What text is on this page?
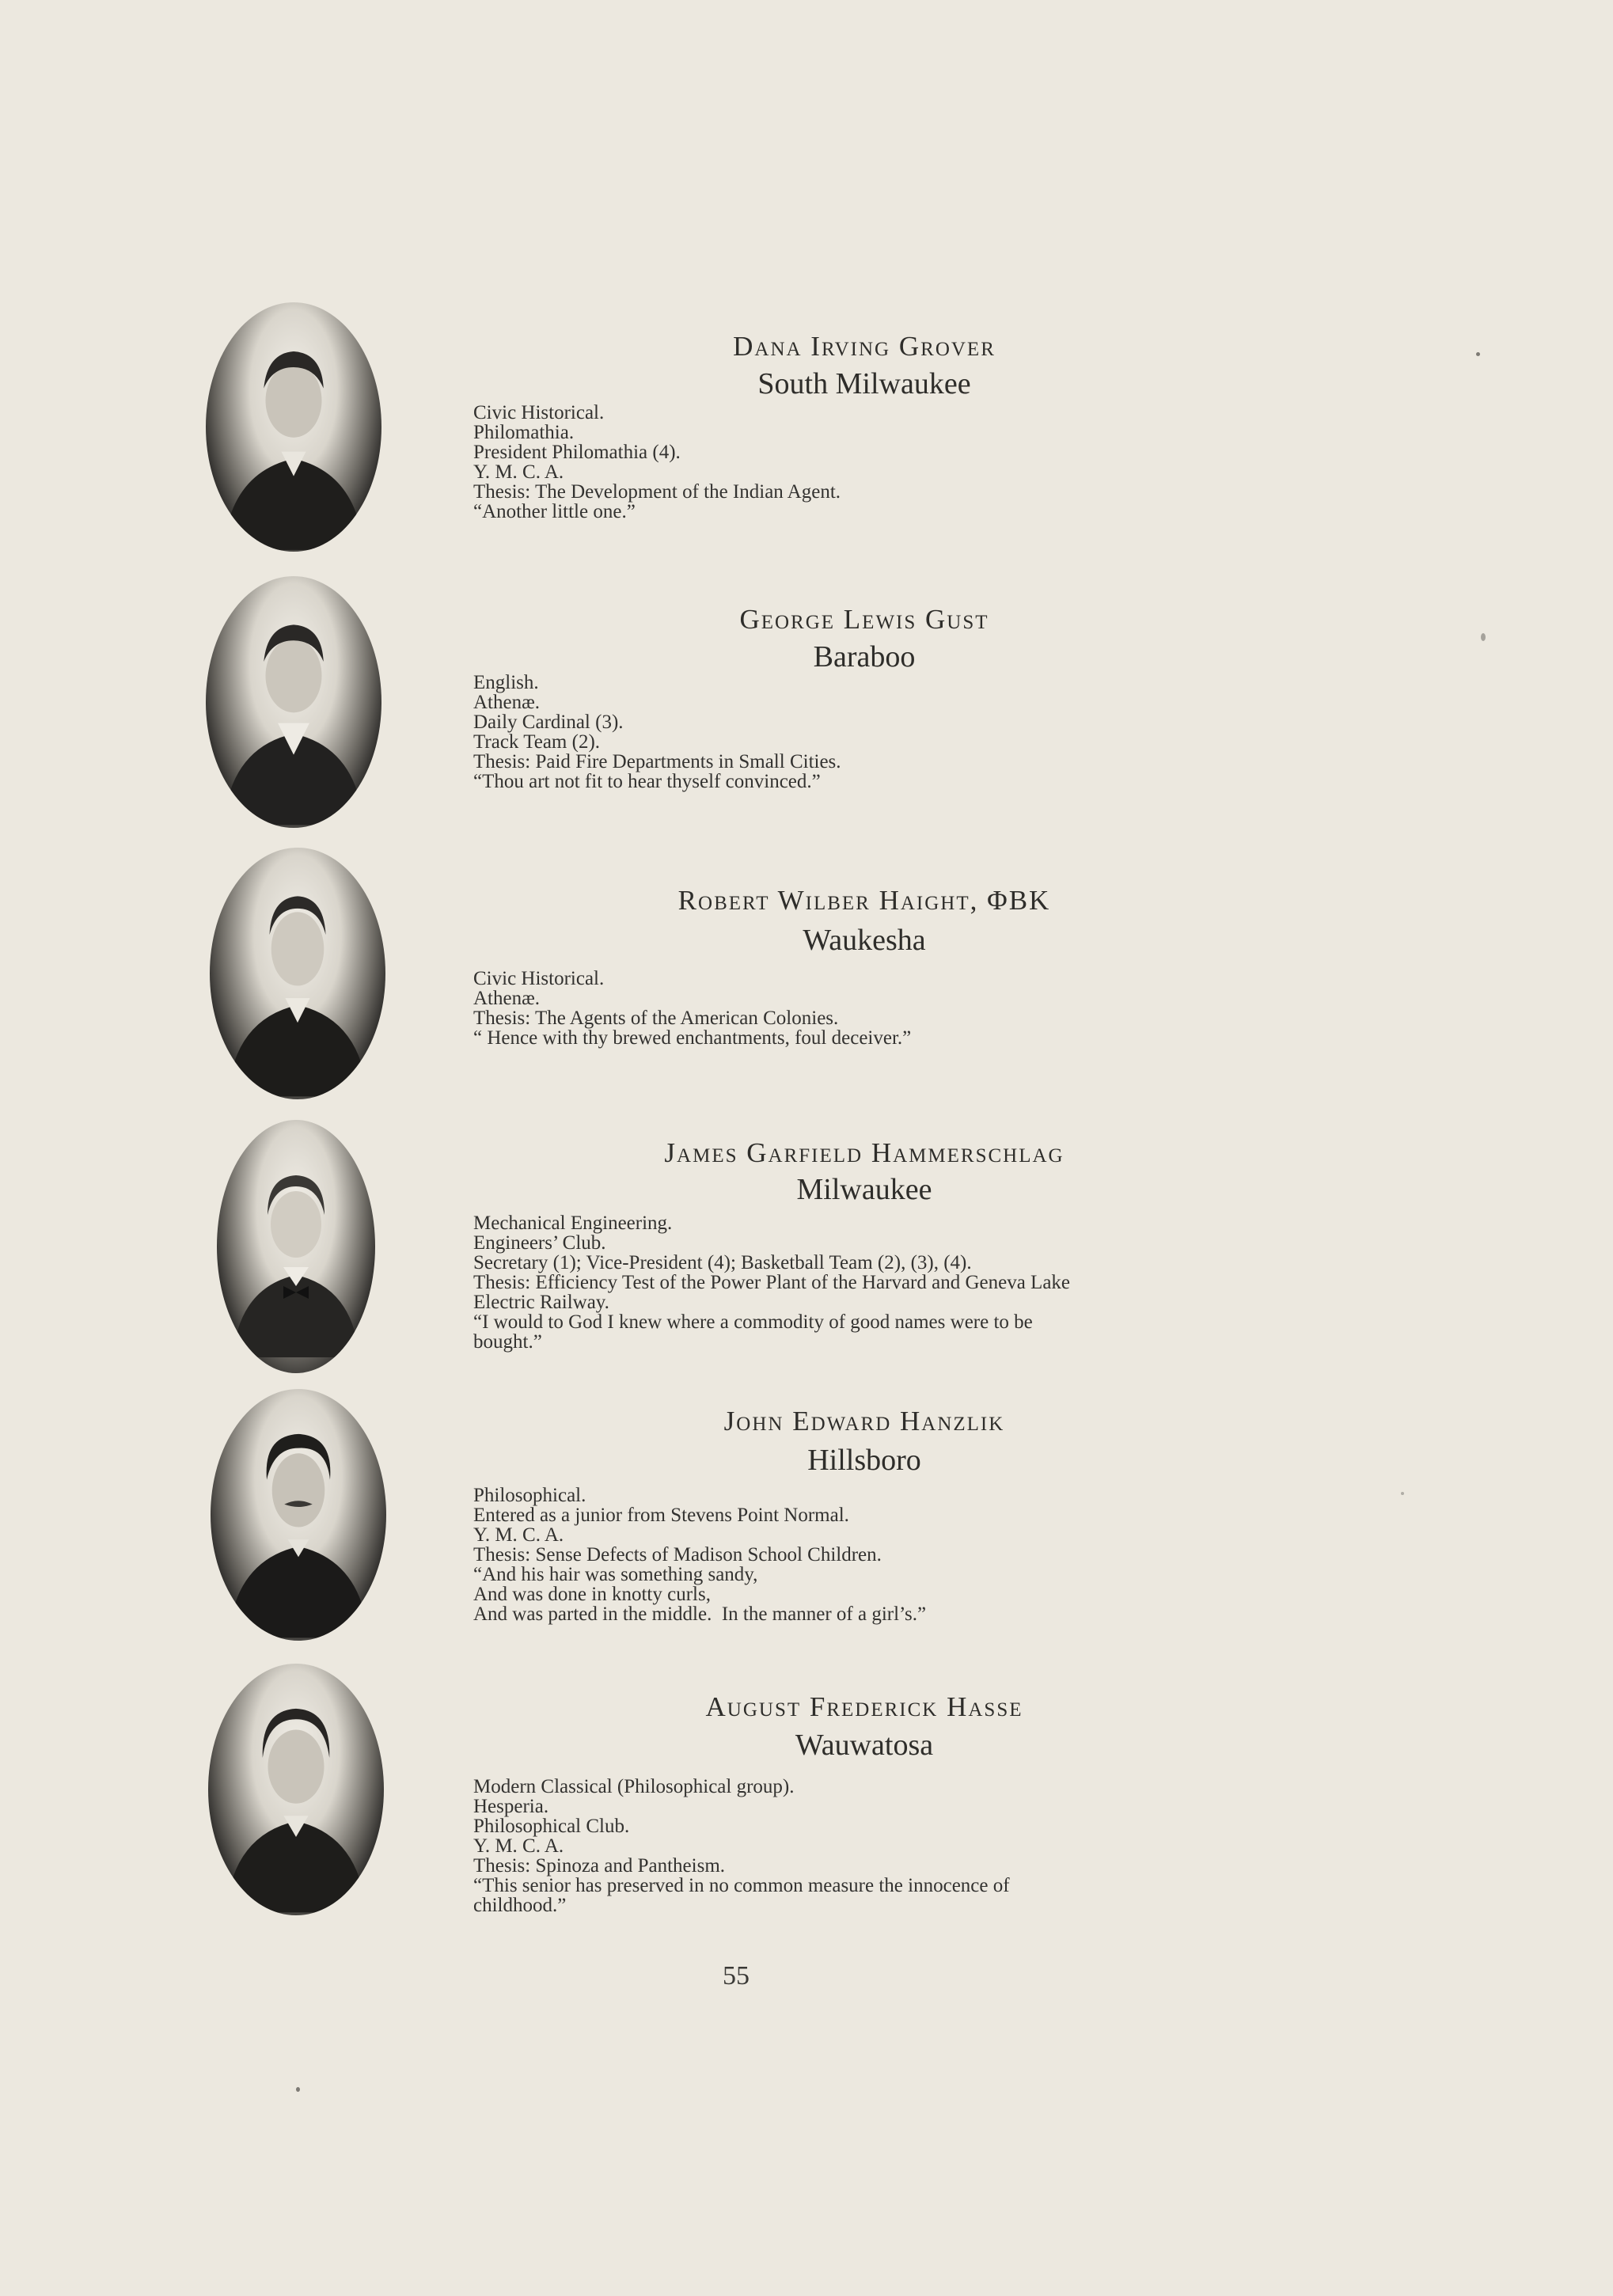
Dana Irving Grover
South Milwaukee
Civic Historical.
Philomathia.
President Philomathia (4).
Y. M. C. A.
Thesis: The Development of the Indian Agent.
“Another little one.”
George Lewis Gust
Baraboo
English.
Athenæ.
Daily Cardinal (3).
Track Team (2).
Thesis: Paid Fire Departments in Small Cities.
“Thou art not fit to hear thyself convinced.”
Robert Wilber Haight, ΦBK
Waukesha
Civic Historical.
Athenæ.
Thesis: The Agents of the American Colonies.
“ Hence with thy brewed enchantments, foul deceiver.”
James Garfield Hammerschlag
Milwaukee
Mechanical Engineering.
Engineers’ Club.
Secretary (1); Vice-President (4); Basketball Team (2), (3), (4).
Thesis: Efficiency Test of the Power Plant of the Harvard and Geneva Lake
Electric Railway.
“I would to God I knew where a commodity of good names were to be
bought.”
John Edward Hanzlik
Hillsboro
Philosophical.
Entered as a junior from Stevens Point Normal.
Y. M. C. A.
Thesis: Sense Defects of Madison School Children.
“And his hair was something sandy,
And was done in knotty curls,
And was parted in the middle.  In the manner of a girl’s.”
August Frederick Hasse
Wauwatosa
Modern Classical (Philosophical group).
Hesperia.
Philosophical Club.
Y. M. C. A.
Thesis: Spinoza and Pantheism.
“This senior has preserved in no common measure the innocence of
childhood.”
55
